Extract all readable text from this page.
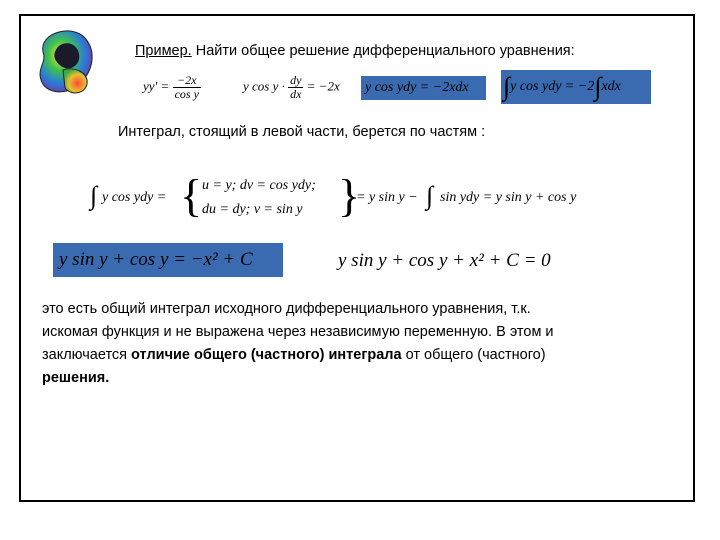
Пример. Найти общее решение дифференциального уравнения:
$yy' = \frac{-2x}{\text{cos y}}$	y $\cos y \cdot \frac{dy}{dx} = -2x$ y cos ydy = −2xdx	∫y cos ydy = −2∫xdx
Интеграл, стоящий в левой части, берется по частям :
∫ y cos ydy = { u = y; dv = cos ydy;
du = dy; v = sin y }
= y sin y − ∫ sin ydy = y sin y + cos y
y sin y + cos y = −x² + C	y sin y + cos y + x² + C = 0
это есть общий интеграл исходного дифференциального уравнения, т.к.
искомая функция и не выражена через независимую переменную. В этом и
заключается отличие общего (частного) интеграла от общего (частного)
решения.
